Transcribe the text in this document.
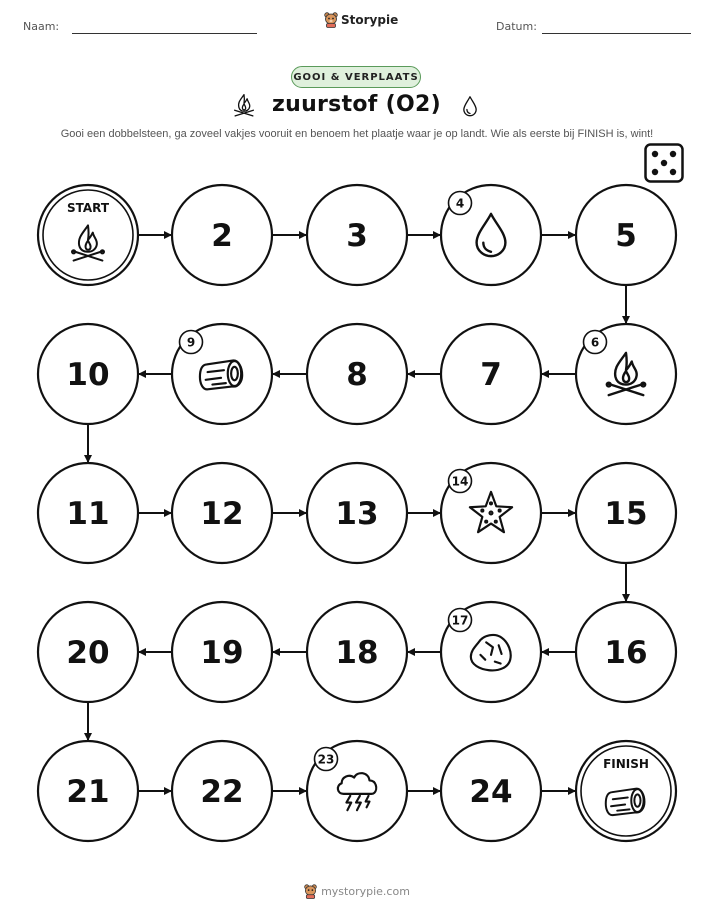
Naam:	Storypie	Datum:
GOOI & VERPLAATS
zuurstof (O2)
Gooi een dobbelsteen, ga zoveel vakjes vooruit en benoem het plaatje waar je op landt. Wie als eerste bij FINISH is, wint!
START
2	3
4
5
6
7
8
9
10
11	12	13
14
15
16
17
18
19
20
21	22
23
24
FINISH
mystorypie.com
